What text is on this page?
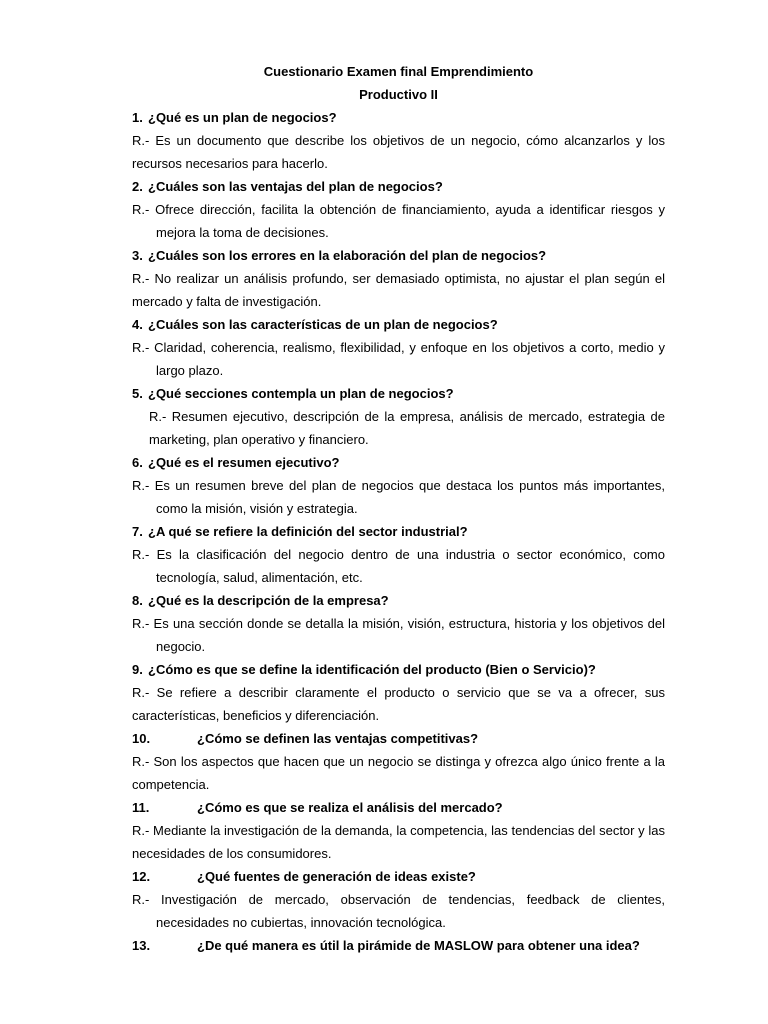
Cuestionario Examen final Emprendimiento

Productivo II

1. ¿Qué es un plan de negocios?

R.- Es un documento que describe los objetivos de un negocio, cómo alcanzarlos y los recursos necesarios para hacerlo.

2. ¿Cuáles son las ventajas del plan de negocios?

R.- Ofrece dirección, facilita la obtención de financiamiento, ayuda a identificar riesgos y mejora la toma de decisiones.

3. ¿Cuáles son los errores en la elaboración del plan de negocios?

R.- No realizar un análisis profundo, ser demasiado optimista, no ajustar el plan según el mercado y falta de investigación.

4. ¿Cuáles son las características de un plan de negocios?

R.- Claridad, coherencia, realismo, flexibilidad, y enfoque en los objetivos a corto, medio y largo plazo.

5. ¿Qué secciones contempla un plan de negocios?

R.- Resumen ejecutivo, descripción de la empresa, análisis de mercado, estrategia de marketing, plan operativo y financiero.

6. ¿Qué es el resumen ejecutivo?

R.- Es un resumen breve del plan de negocios que destaca los puntos más importantes, como la misión, visión y estrategia.

7. ¿A qué se refiere la definición del sector industrial?

R.- Es la clasificación del negocio dentro de una industria o sector económico, como tecnología, salud, alimentación, etc.

8. ¿Qué es la descripción de la empresa?

R.- Es una sección donde se detalla la misión, visión, estructura, historia y los objetivos del negocio.

9. ¿Cómo es que se define la identificación del producto (Bien o Servicio)?

R.- Se refiere a describir claramente el producto o servicio que se va a ofrecer, sus características, beneficios y diferenciación.

10.	¿Cómo se definen las ventajas competitivas?

R.- Son los aspectos que hacen que un negocio se distinga y ofrezca algo único frente a la competencia.

11.	¿Cómo es que se realiza el análisis del mercado?

R.- Mediante la investigación de la demanda, la competencia, las tendencias del sector y las necesidades de los consumidores.

12.	¿Qué fuentes de generación de ideas existe?

R.- Investigación de mercado, observación de tendencias, feedback de clientes, necesidades no cubiertas, innovación tecnológica.

13.	¿De qué manera es útil la pirámide de MASLOW para obtener una idea?
